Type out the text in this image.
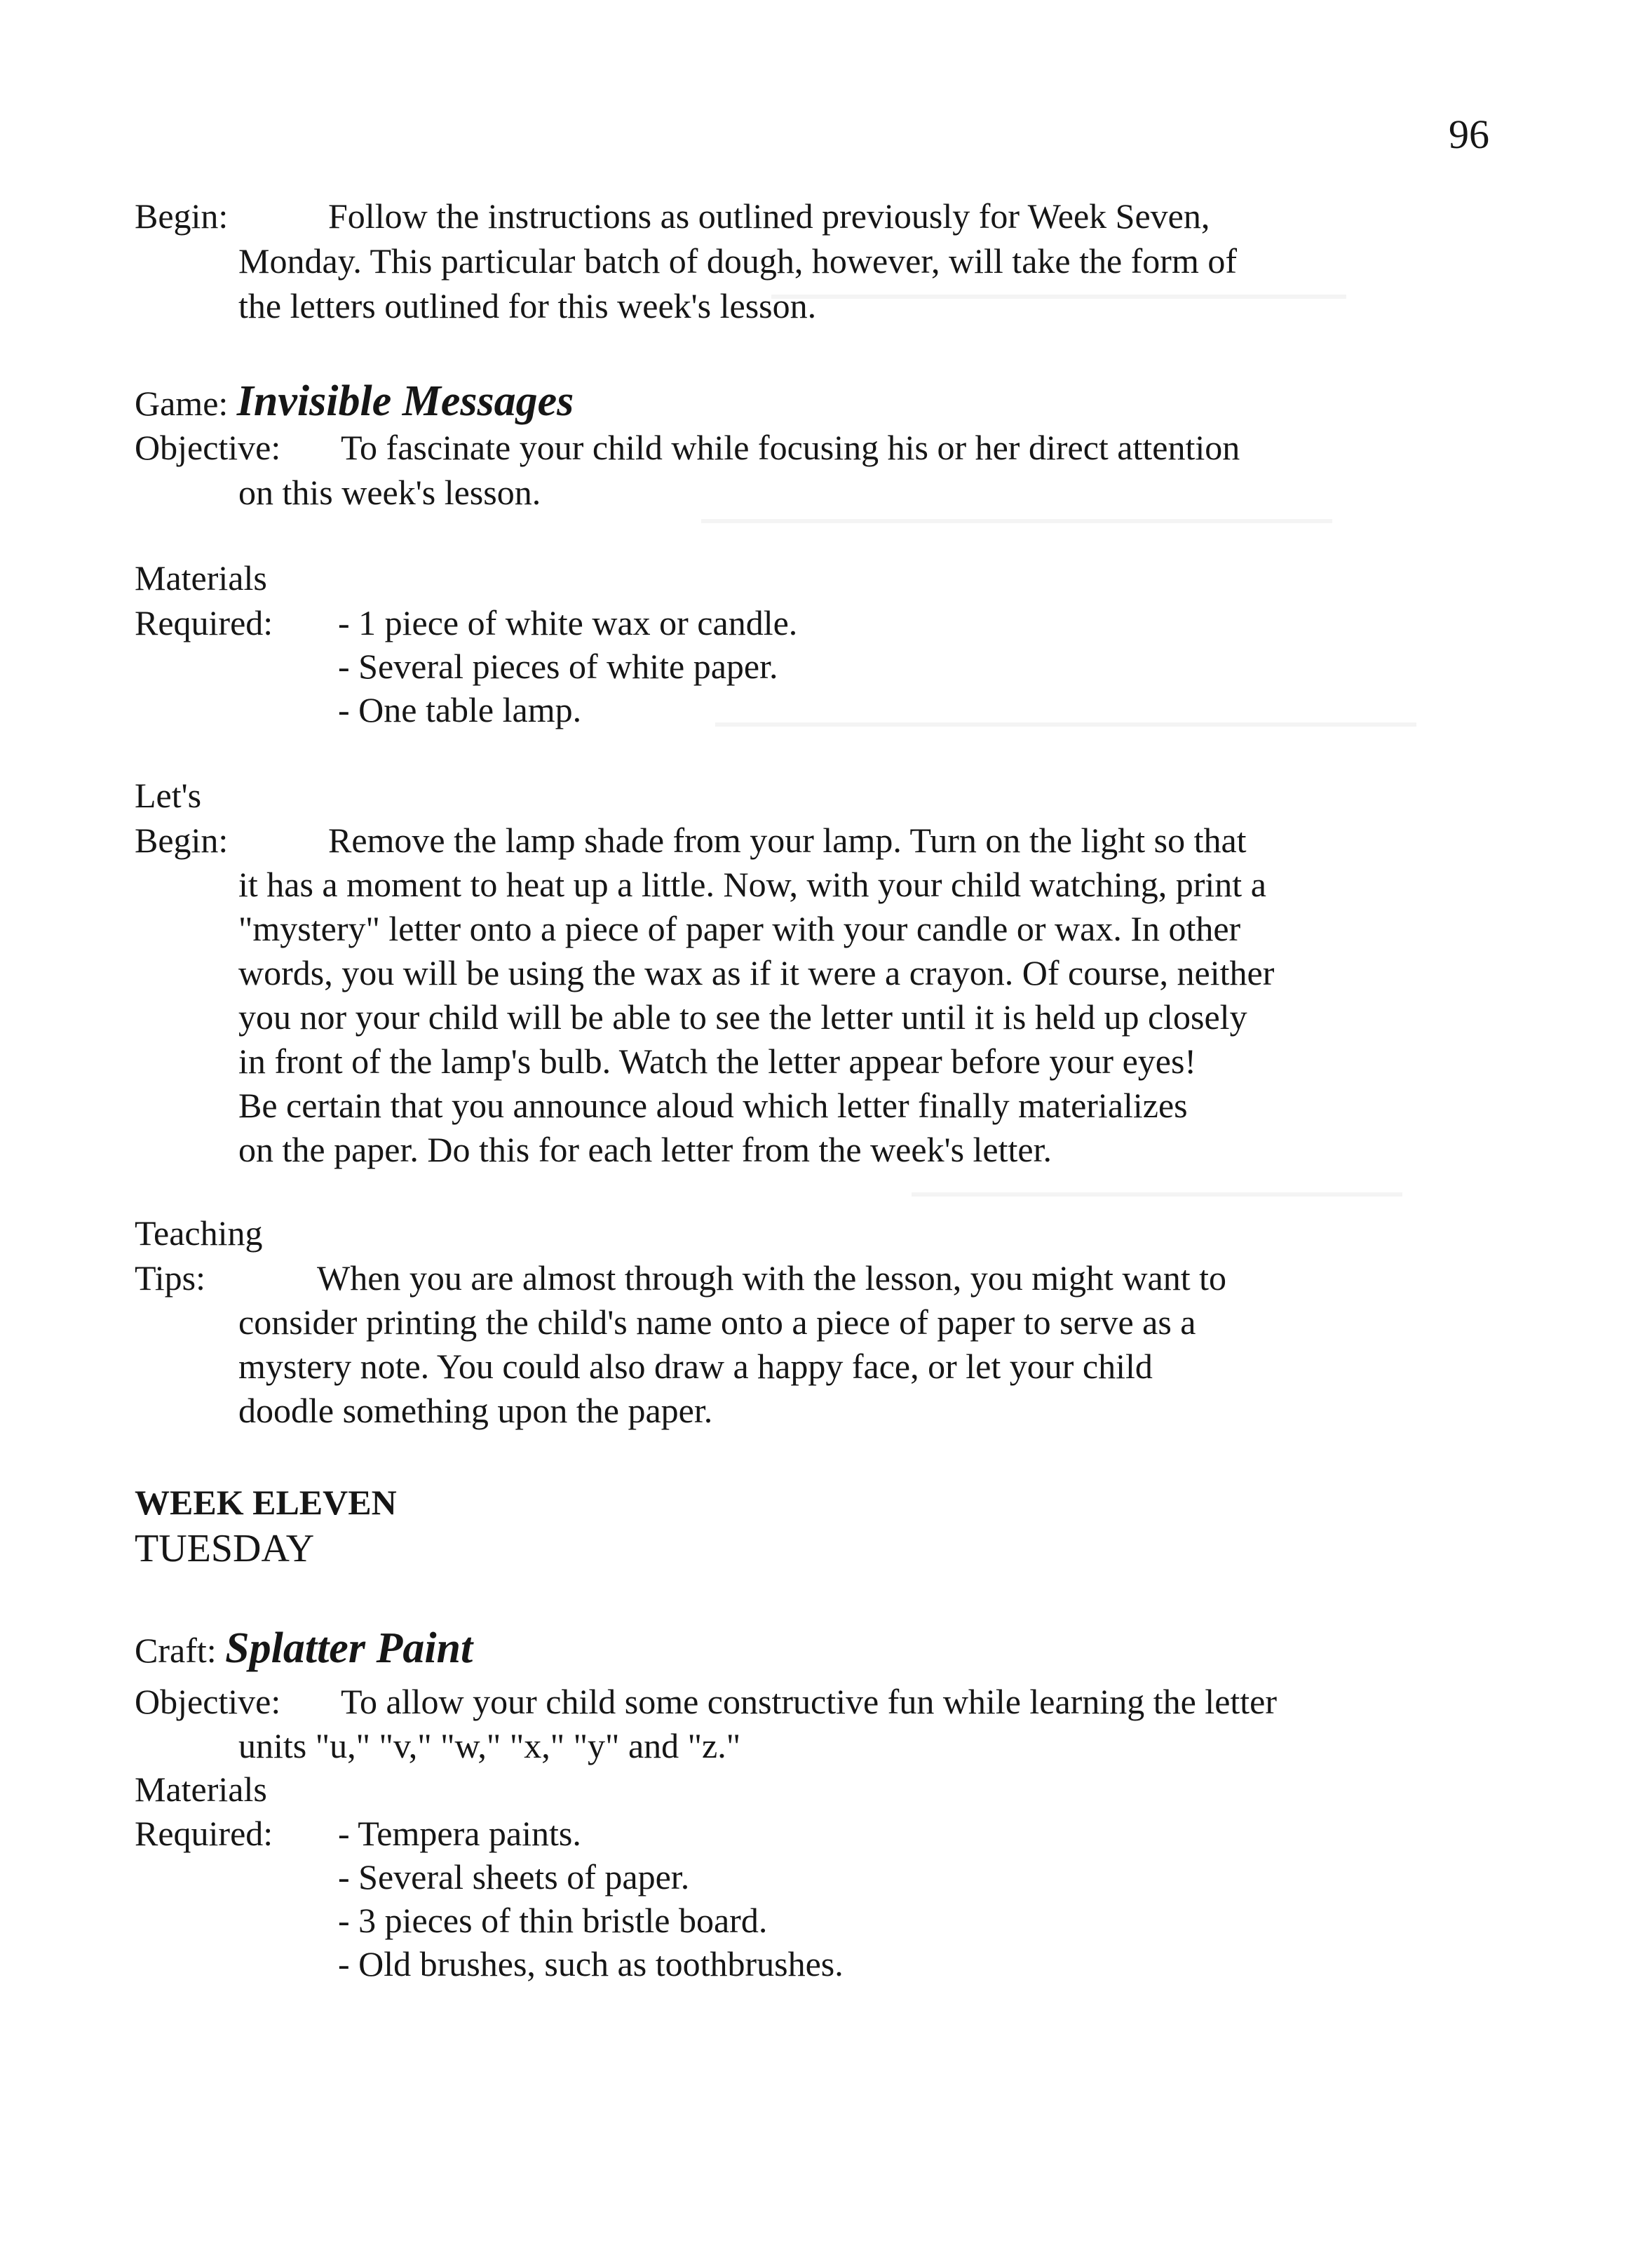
96
Begin:	Follow the instructions as outlined previously for Week Seven,
Monday. This particular batch of dough, however, will take the form of
the letters outlined for this week's lesson.
Game: Invisible Messages
Objective: To fascinate your child while focusing his or her direct attention
on this week's lesson.
Materials
Required: - 1 piece of white wax or candle.
- Several pieces of white paper.
- One table lamp.
Let's
Begin:	Remove the lamp shade from your lamp. Turn on the light so that
it has a moment to heat up a little. Now, with your child watching, print a
"mystery" letter onto a piece of paper with your candle or wax. In other
words, you will be using the wax as if it were a crayon. Of course, neither
you nor your child will be able to see the letter until it is held up closely
in front of the lamp's bulb. Watch the letter appear before your eyes!
Be certain that you announce aloud which letter finally materializes
on the paper. Do this for each letter from the week's letter.
Teaching
Tips:	When you are almost through with the lesson, you might want to
consider printing the child's name onto a piece of paper to serve as a
mystery note. You could also draw a happy face, or let your child
doodle something upon the paper.
WEEK ELEVEN
TUESDAY
Craft: Splatter Paint
Objective: To allow your child some constructive fun while learning the letter
units "u," "v," "w," "x," "y" and "z."
Materials
Required: - Tempera paints.
- Several sheets of paper.
- 3 pieces of thin bristle board.
- Old brushes, such as toothbrushes.
